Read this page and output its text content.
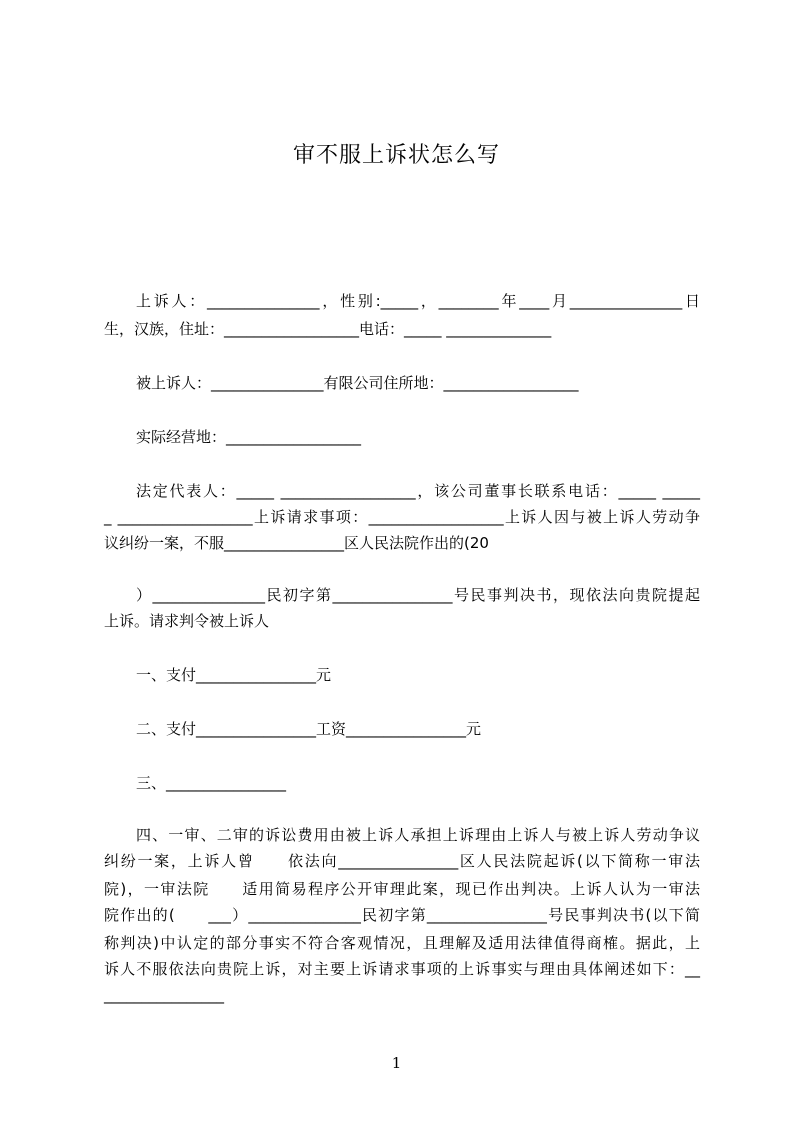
审不服上诉状怎么写
上诉人：_______________，性别:_____，________年____月_______________日
生，汉族，住址：__________________电话：_____ ______________
被上诉人：_______________有限公司住所地：__________________
实际经营地：__________________
法定代表人：_____ __________________，该公司董事长联系电话：_____ _____
_ __________________上诉请求事项：__________________上诉人因与被上诉人劳动争
议纠纷一案，不服________________区人民法院作出的(20
）_______________民初字第________________号民事判决书，现依法向贵院提起
上诉。请求判令被上诉人
一、支付________________元
二、支付________________工资________________元
三、________________
四、一审、二审的诉讼费用由被上诉人承担上诉理由上诉人与被上诉人劳动争议
纠纷一案，上诉人曾　　依法向________________区人民法院起诉(以下简称一审法
院)，一审法院　　适用简易程序公开审理此案，现已作出判决。上诉人认为一审法
院作出的(　　___）_______________民初字第________________号民事判决书(以下简
称判决)中认定的部分事实不符合客观情况，且理解及适用法律值得商榷。据此，上
诉人不服依法向贵院上诉，对主要上诉请求事项的上诉事实与理由具体阐述如下：__
________________
1
